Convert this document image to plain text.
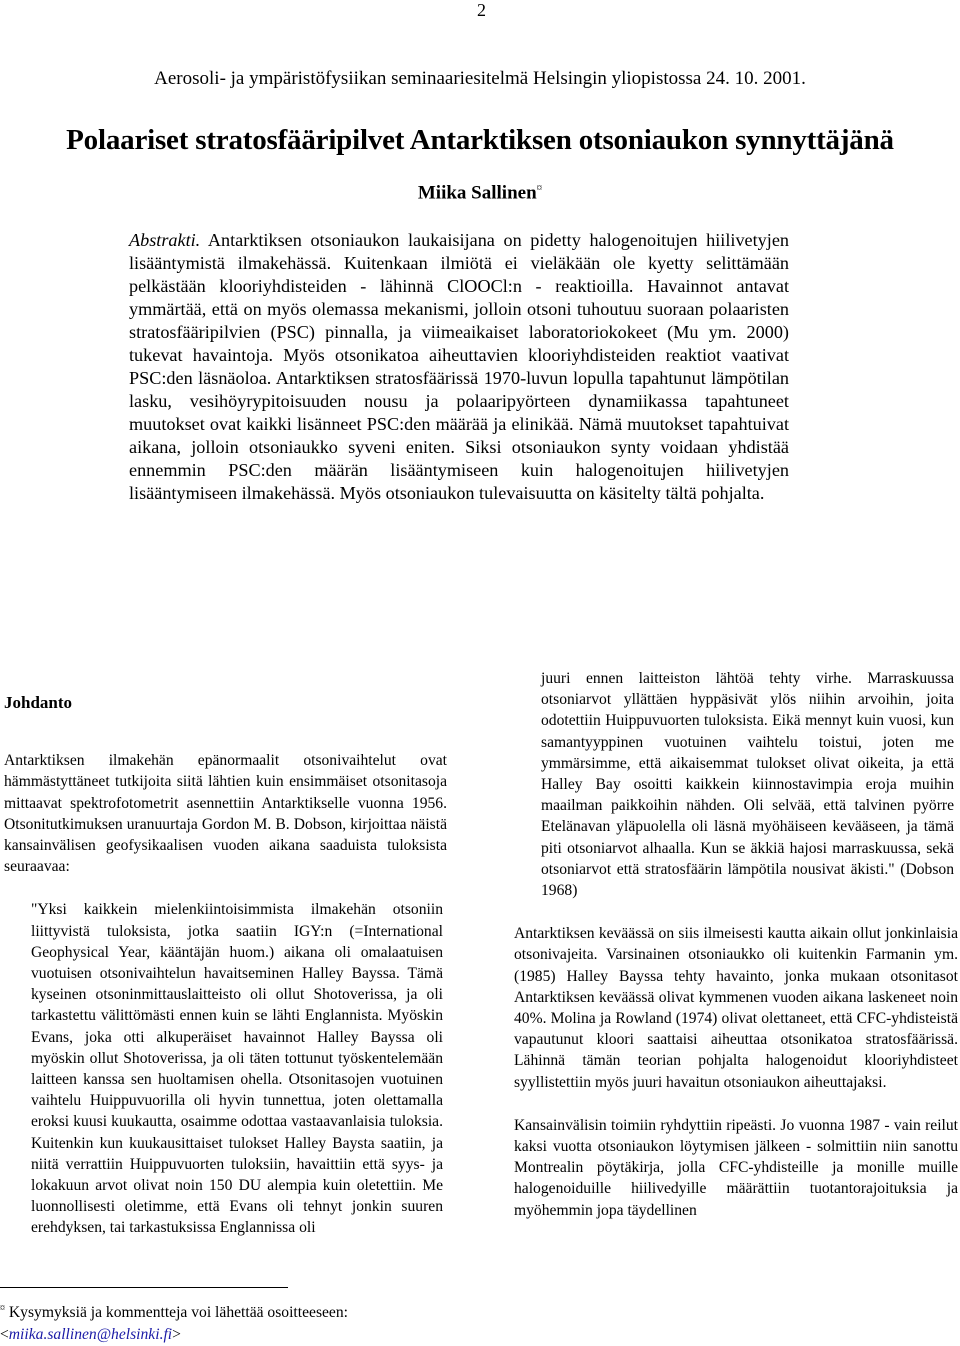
2
Aerosoli- ja ympäristöfysiikan seminaariesitelmä Helsingin yliopistossa 24. 10. 2001.
Polaariset stratosfääripilvet Antarktiksen otsoniaukon synnyttäjänä
Miika Sallinen¤
Abstrakti. Antarktiksen otsoniaukon laukaisijana on pidetty halogenoitujen hiilivetyjen lisääntymistä ilmakehässä. Kuitenkaan ilmiötä ei vieläkään ole kyetty selittämään pelkästään klooriyhdisteiden - lähinnä ClOOCl:n - reaktioilla. Havainnot antavat ymmärtää, että on myös olemassa mekanismi, jolloin otsoni tuhoutuu suoraan polaaristen stratosfääripilvien (PSC) pinnalla, ja viimeaikaiset laboratoriokokeet (Mu ym. 2000) tukevat havaintoja. Myös otsonikatoa aiheuttavien klooriyhdisteiden reaktiot vaativat PSC:den läsnäoloa. Antarktiksen stratosfäärissä 1970-luvun lopulla tapahtunut lämpötilan lasku, vesihöyrypitoisuuden nousu ja polaaripyörteen dynamiikassa tapahtuneet muutokset ovat kaikki lisänneet PSC:den määrää ja elinikää. Nämä muutokset tapahtuivat aikana, jolloin otsoniaukko syveni eniten. Siksi otsoniaukon synty voidaan yhdistää ennemmin PSC:den määrän lisääntymiseen kuin halogenoitujen hiilivetyjen lisääntymiseen ilmakehässä. Myös otsoniaukon tulevaisuutta on käsitelty tältä pohjalta.
Johdanto

Antarktiksen ilmakehän epänormaalit otsonivaihtelut ovat hämmästyttäneet tutkijoita siitä lähtien kuin ensimmäiset otsonitasoja mittaavat spektrofotometrit asennettiin Antarktikselle vuonna 1956. Otsonitutkimuksen uranuurtaja Gordon M. B. Dobson, kirjoittaa näistä kansainvälisen geofysikaalisen vuoden aikana saaduista tuloksista seuraavaa:

"Yksi kaikkein mielenkiintoisimmista ilmakehän otsoniin liittyvistä tuloksista, jotka saatiin IGY:n (=International Geophysical Year, kääntäjän huom.) aikana oli omalaatuisen vuotuisen otsonivaihtelun havaitseminen Halley Bayssa. Tämä kyseinen otsoninmittauslaitteisto oli ollut Shotoverissa, ja oli tarkastettu välittömästi ennen kuin se lähti Englannista. Myöskin Evans, joka otti alkuperäiset havainnot Halley Bayssa oli myöskin ollut Shotoverissa, ja oli täten tottunut työskentelemään laitteen kanssa sen huoltamisen ohella. Otsonitasojen vuotuinen vaihtelu Huippuvuorilla oli hyvin tunnettua, joten olettamalla eroksi kuusi kuukautta, osaimme odottaa vastaavanlaisia tuloksia. Kuitenkin kun kuukausittaiset tulokset Halley Baysta saatiin, ja niitä verrattiin Huippuvuorten tuloksiin, havaittiin että syys- ja lokakuun arvot olivat noin 150 DU alempia kuin oletettiin. Me luonnollisesti oletimme, että Evans oli tehnyt jonkin suuren erehdyksen, tai tarkastuksissa Englannissa oli

juuri ennen laitteiston lähtöä tehty virhe. Marraskuussa otsoniarvot yllättäen hyppäsivät ylös niihin arvoihin, joita odotettiin Huippuvuorten tuloksista. Eikä mennyt kuin vuosi, kun samantyyppinen vuotuinen vaihtelu toistui, joten me ymmärsimme, että aikaisemmat tulokset olivat oikeita, ja että Halley Bay osoitti kaikkein kiinnostavimpia eroja muihin maailman paikkoihin nähden. Oli selvää, että talvinen pyörre Etelänavan yläpuolella oli läsnä myöhäiseen kevääseen, ja tämä piti otsoniarvot alhaalla. Kun se äkkiä hajosi marraskuussa, sekä otsoniarvot että stratosfäärin lämpötila nousivat äkisti." (Dobson 1968)

Antarktiksen keväässä on siis ilmeisesti kautta aikain ollut jonkinlaisia otsonivajeita. Varsinainen otsoniaukko oli kuitenkin Farmanin ym. (1985) Halley Bayssa tehty havainto, jonka mukaan otsonitasot Antarktiksen keväässä olivat kymmenen vuoden aikana laskeneet noin 40%. Molina ja Rowland (1974) olivat olettaneet, että CFC-yhdisteistä vapautunut kloori saattaisi aiheuttaa otsonikatoa stratosfäärissä. Lähinnä tämän teorian pohjalta halogenoidut klooriyhdisteet syyllistettiin myös juuri havaitun otsoniaukon aiheuttajaksi.

Kansainvälisin toimiin ryhdyttiin ripeästi. Jo vuonna 1987 - vain reilut kaksi vuotta otsoniaukon löytymisen jälkeen - solmittiin niin sanottu Montrealin pöytäkirja, jolla CFC-yhdisteille ja monille muille halogenoiduille hiilivedyille määrättiin tuotantorajoituksia ja myöhemmin jopa täydellinen

¤ Kysymyksiä ja kommentteja voi lähettää osoitteeseen:
<miika.sallinen@helsinki.fi>
